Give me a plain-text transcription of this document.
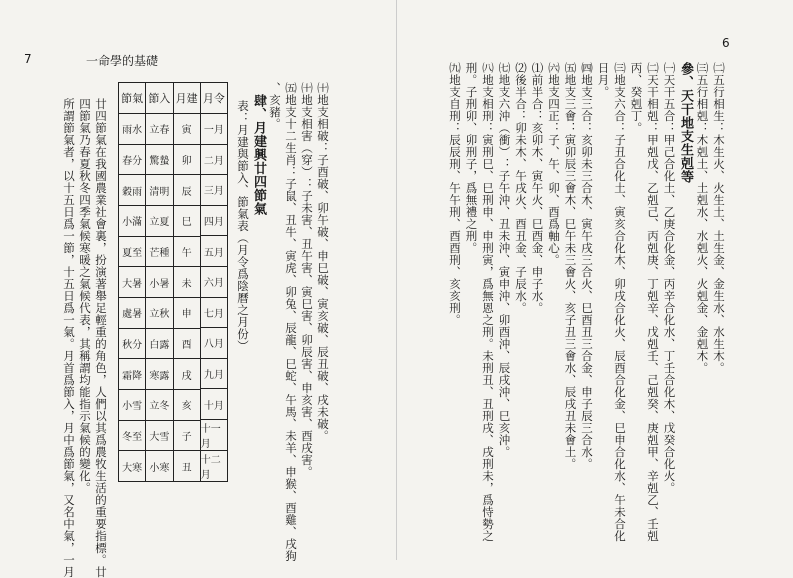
7	一命學的基礎
所謂節氣者，以十五日爲一節，十五日爲一氣。月首爲節入，月中爲節氣，又名中氣，一月 四節氣乃春夏秋冬四季氣候寒暖之氣候代表，其稱謂均能指示氣候的變化。 廿四節氣在我國農業社會裏，扮演著舉足輕重的角色，人們以其爲農牧生活的重要指標。廿	月令
一月
二月
三月
四月
五月
六月
七月
八月
九月
十月
十一月
十二月
月建
寅
卯
辰
巳
午
未
申
酉
戌
亥
子
丑
節入
立春
驚蟄
清明
立夏
芒種
小暑
立秋
白露
寒露
立冬
大雪
小寒
節氣
雨水
春分
穀雨
小滿
夏至
大暑
處暑
秋分
霜降
小雪
冬至
大寒
表：月建與節入、節氣表（月令爲陰曆之月份） 肆、月建興廿四節氣 、亥豬。 ㈤地支十二生肖：子鼠、丑牛、寅虎、卯兔、辰龍、巳蛇、午馬、未羊、申猴、酉雞、戌狗 ㈩地支相害（穿）：子未害、丑午害、寅巳害、卯辰害、申亥害、酉戌害。 ㈩地支相破：子酉破、卯午破、申巳破、寅亥破、辰丑破、戌未破。
6
㈡五行相生：木生火、火生土、土生金、金生水、水生木。
㈢五行相剋：木剋土、土剋水、水剋火、火剋金、金剋木。
參、天干地支生剋等
㈠天干五合：甲己合化土、乙庚合化金、丙辛合化水、丁壬合化木、戊癸合化火。
㈡天干相剋：甲剋戊、乙剋己、丙剋庚、丁剋辛、戊剋壬、己剋癸、庚剋甲、辛剋乙、壬剋
丙、癸剋丁。
㈢地支六合：子丑合化土、寅亥合化木、卯戌合化火、辰酉合化金、巳申合化水、午未合化
日月。
㈣地支三合：亥卯未三合木、寅午戌三合火、巳酉丑三合金、申子辰三合水。
㈤地支三會：寅卯辰三會木、巳午未三會火、亥子丑三會水、辰戌丑未會土。
㈥地支四正：子、午、卯、酉爲軸心。
⑴前半合：亥卯木、寅午火、巳酉金、申子水。
⑵後半合：卯未木、午戌火、酉丑金、子辰水。
㈦地支六沖（衝）：子午沖、丑未沖、寅申沖、卯酉沖、辰戌沖、巳亥沖。
㈧地支相刑：寅刑巳、巳刑申、申刑寅，爲無恩之刑。未刑丑、丑刑戌、戌刑未，爲恃勢之
刑。子刑卯、卯刑子，爲無禮之刑。
㈨地支自刑：辰辰刑、午午刑、酉酉刑、亥亥刑。
